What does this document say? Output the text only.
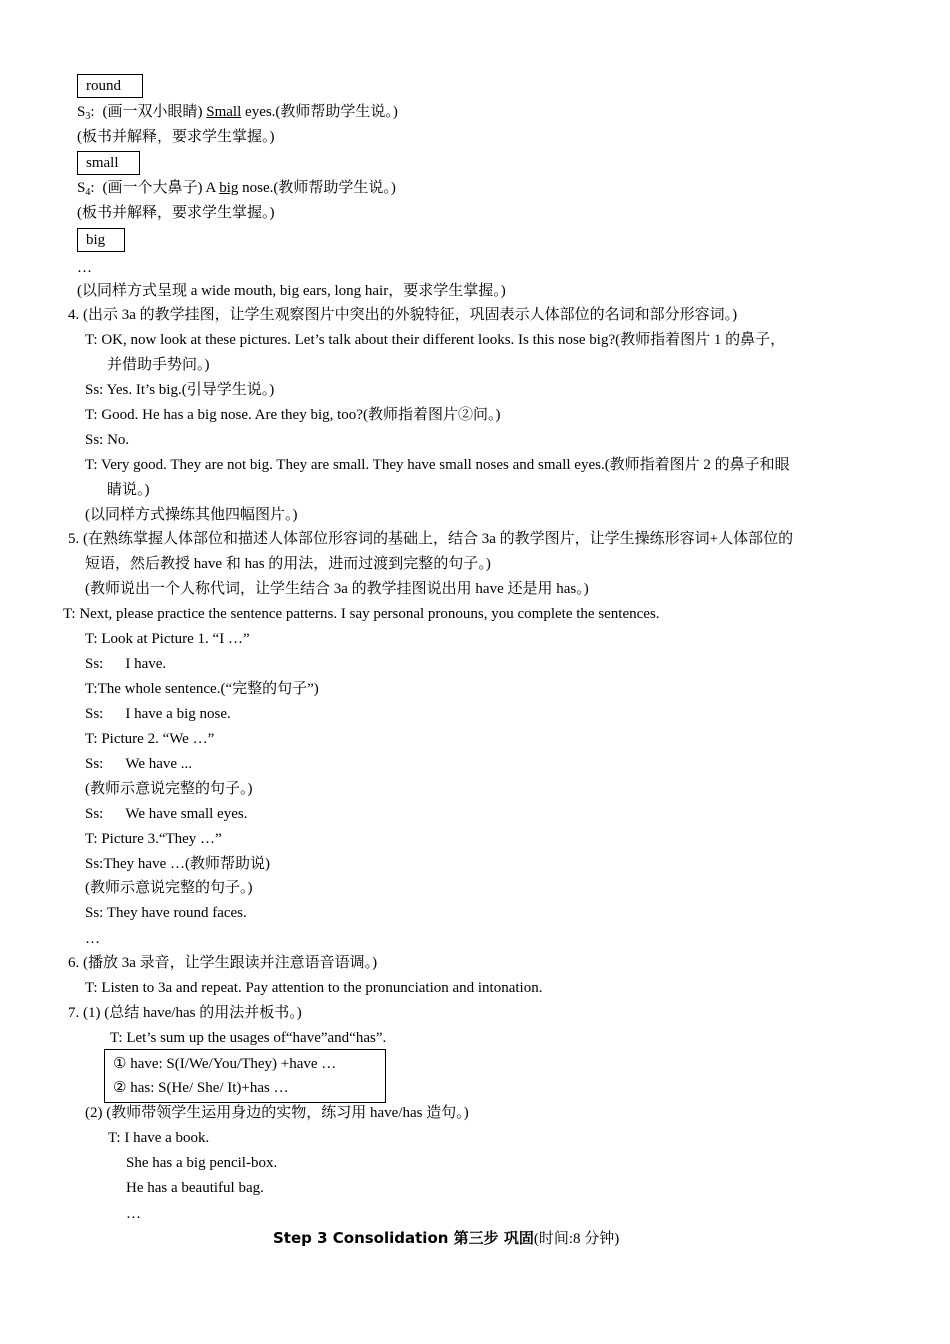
round
$S_3$: (画一双小眼睛) Small eyes.(教师帮助学生说。)
(板书并解释，要求学生掌握。)
small
$S_4$: (画一个大鼻子) A big nose.(教师帮助学生说。)
(板书并解释，要求学生掌握。)
big
…
(以同样方式呈现 a wide mouth, big ears, long hair，要求学生掌握。)
4. (出示 3a 的教学挂图，让学生观察图片中突出的外貌特征，巩固表示人体部位的名词和部分形容词。)
T: OK, now look at these pictures. Let’s talk about their different looks. Is this nose big?(教师指着图片 1 的鼻子，
并借助手势问。)
Ss: Yes. It’s big.(引导学生说。)
T: Good. He has a big nose. Are they big, too?(教师指着图片②问。)
Ss: No.
T: Very good. They are not big. They are small. They have small noses and small eyes.(教师指着图片 2 的鼻子和眼
睛说。)
(以同样方式操练其他四幅图片。)
5. (在熟练掌握人体部位和描述人体部位形容词的基础上，结合 3a 的教学图片，让学生操练形容词+人体部位的
短语，然后教授 have 和 has 的用法，进而过渡到完整的句子。)
(教师说出一个人称代词，让学生结合 3a 的教学挂图说出用 have 还是用 has。)
T: Next, please practice the sentence patterns. I say personal pronouns, you complete the sentences.
T: Look at Picture 1. “I …”
Ss: I have.
T:The whole sentence.(“完整的句子”)
Ss: I have a big nose.
T: Picture 2. “We …”
Ss: We have ...
(教师示意说完整的句子。)
Ss: We have small eyes.
T: Picture 3.“They …”
Ss:They have …(教师帮助说)
(教师示意说完整的句子。)
Ss: They have round faces.
…
6. (播放 3a 录音，让学生跟读并注意语音语调。)
T: Listen to 3a and repeat. Pay attention to the pronunciation and intonation.
7. (1) (总结 have/has 的用法并板书。)
T: Let’s sum up the usages of“have”and“has”.
① have: S(I/We/You/They) +have …
② has: S(He/ She/ It)+has …
(2) (教师带领学生运用身边的实物，练习用 have/has 造句。)
T: I have a book.
She has a big pencil-box.
He has a beautiful bag.
…
Step 3 Consolidation 第三步 巩固(时间:8 分钟)
